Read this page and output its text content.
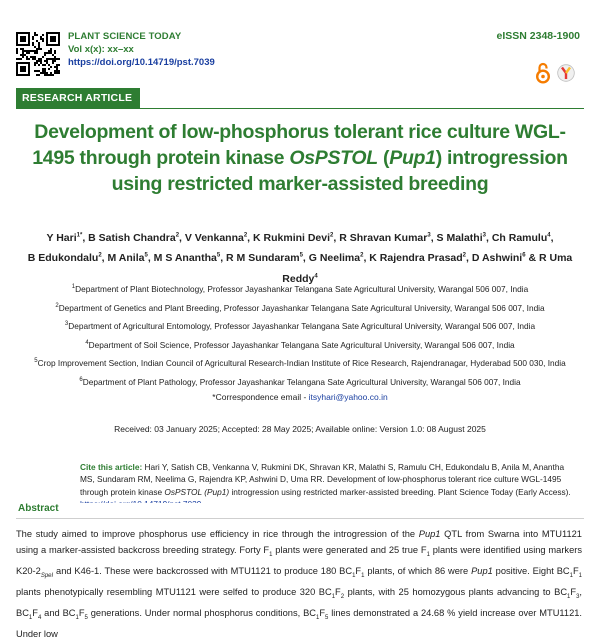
PLANT SCIENCE TODAY
Vol x(x): xx–xx
https://doi.org/10.14719/pst.7039
eISSN 2348-1900
RESEARCH ARTICLE
Development of low-phosphorus tolerant rice culture WGL-1495 through protein kinase OsPSTOL (Pup1) introgression using restricted marker-assisted breeding
Y Hari$^{1*}$, B Satish Chandra$^2$, V Venkanna$^2$, K Rukmini Devi$^2$, R Shravan Kumar$^3$, S Malathi$^3$, Ch Ramulu$^4$,
B Edukondalu$^2$, M Anila$^5$, M S Anantha$^5$, R M Sundaram$^5$, G Neelima$^2$, K Rajendra Prasad$^2$, D Ashwini$^6$ & R Uma Reddy$^4$
$^1$Department of Plant Biotechnology, Professor Jayashankar Telangana Sate Agricultural University, Warangal 506 007, India
$^2$Department of Genetics and Plant Breeding, Professor Jayashankar Telangana Sate Agricultural University, Warangal 506 007, India
$^3$Department of Agricultural Entomology, Professor Jayashankar Telangana Sate Agricultural University, Warangal 506 007, India
$^4$Department of Soil Science, Professor Jayashankar Telangana Sate Agricultural University, Warangal 506 007, India
$^5$Crop Improvement Section, Indian Council of Agricultural Research-Indian Institute of Rice Research, Rajendranagar, Hyderabad 500 030, India
$^6$Department of Plant Pathology, Professor Jayashankar Telangana Sate Agricultural University, Warangal 506 007, India
*Correspondence email - itsyhari@yahoo.co.in
Received: 03 January 2025; Accepted: 28 May 2025; Available online: Version 1.0: 08 August 2025
Cite this article: Hari Y, Satish CB, Venkanna V, Rukmini DK, Shravan KR, Malathi S, Ramulu CH, Edukondalu B, Anila M, Anantha MS, Sundaram RM, Neelima G, Rajendra KP, Ashwini D, Uma RR. Development of low-phosphorus tolerant rice culture WGL-1495 through protein kinase OsPSTOL (Pup1) introgression using restricted marker-assisted breeding. Plant Science Today (Early Access).
Abstract
The study aimed to improve phosphorus use efficiency in rice through the introgression of the Pup1 QTL from Swarna into MTU1121 using a marker-assisted backcross breeding strategy. Forty $F_1$ plants were generated and 25 true $F_1$ plants were identified using markers $K20-2_{SpeI}$ and K46-1. These were backcrossed with MTU1121 to produce 180 $BC_1F_1$ plants, of which 86 were Pup1 positive. Eight $BC_1F_1$ plants phenotypically resembling MTU1121 were selfed to produce 320 $BC_1F_2$ plants, with 25 homozygous plants advancing to $BC_1F_3$, $BC_1F_4$ and $BC_1F_5$ generations. Under normal phosphorus conditions, $BC_1F_5$ lines demonstrated a 24.68 % yield increase over MTU1121. Under low
